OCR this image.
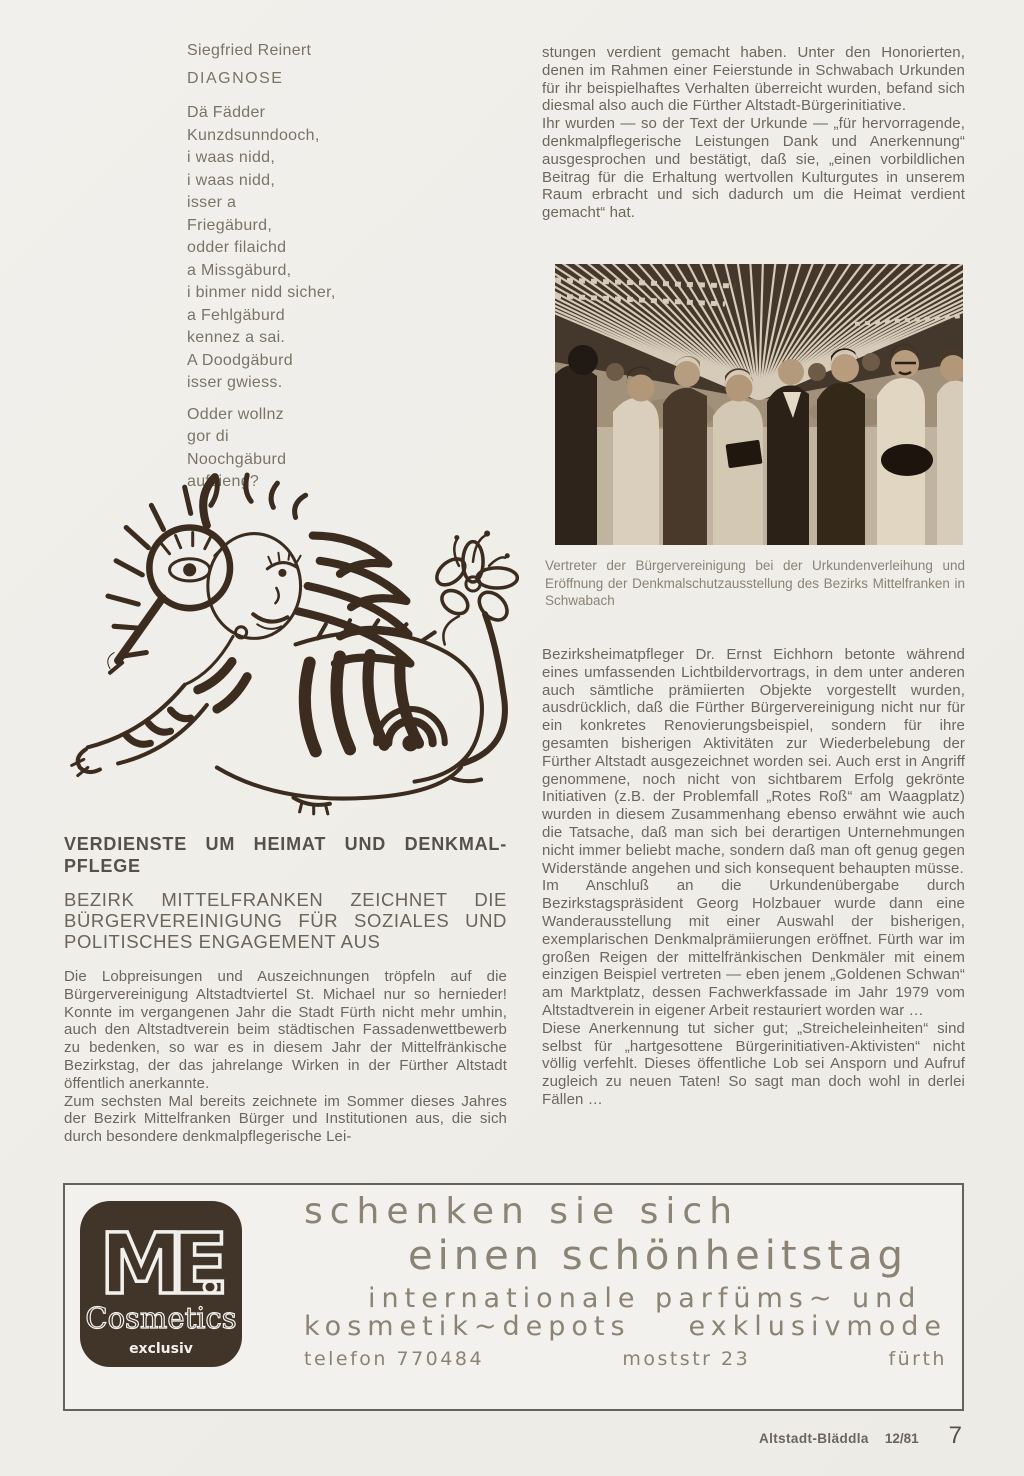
Siegfried Reinert
DIAGNOSE
Dä Fädder
Kunzdsunndooch,
i waas nidd,
i waas nidd,
isser a
Friegäburd,
odder filaichd
a Missgäburd,
i binmer nidd sicher,
a Fehlgäburd
kennez a sai.
A Doodgäburd
isser gwiess.
Odder wollnz
gor di
Noochgäburd
aufzieng?

stungen verdient gemacht haben. Unter den Honorierten, denen im Rahmen einer Feierstunde in Schwabach Urkunden für ihr beispielhaftes Verhalten überreicht wurden, befand sich diesmal also auch die Fürther Altstadt-Bürgerinitiative.

Ihr wurden — so der Text der Urkunde — „für hervorragende, denkmalpflegerische Leistungen Dank und Anerkennung“ ausgesprochen und bestätigt, daß sie, „einen vorbildlichen Beitrag für die Erhaltung wertvollen Kulturgutes in unserem Raum erbracht und sich dadurch um die Heimat verdient gemacht“ hat.

Vertreter der Bürgervereinigung bei der Urkundenverleihung und Eröffnung der Denkmalschutzausstellung des Bezirks Mittelfranken in Schwabach

Bezirksheimatpfleger Dr. Ernst Eichhorn betonte während eines umfassenden Lichtbildervortrags, in dem unter anderen auch sämtliche prämiierten Objekte vorgestellt wurden, ausdrücklich, daß die Fürther Bürgervereinigung nicht nur für ein konkretes Renovierungsbeispiel, sondern für ihre gesamten bisherigen Aktivitäten zur Wiederbelebung der Fürther Altstadt ausgezeichnet worden sei. Auch erst in Angriff genommene, noch nicht von sichtbarem Erfolg gekrönte Initiativen (z.B. der Problemfall „Rotes Roß“ am Waagplatz) wurden in diesem Zusammenhang ebenso erwähnt wie auch die Tatsache, daß man sich bei derartigen Unternehmungen nicht immer beliebt mache, sondern daß man oft genug gegen Widerstände angehen und sich konsequent behaupten müsse.

Im Anschluß an die Urkundenübergabe durch Bezirkstagspräsident Georg Holzbauer wurde dann eine Wanderausstellung mit einer Auswahl der bisherigen, exemplarischen Denkmalprämiierungen eröffnet. Fürth war im großen Reigen der mittelfränkischen Denkmäler mit einem einzigen Beispiel vertreten — eben jenem „Goldenen Schwan“ am Marktplatz, dessen Fachwerkfassade im Jahr 1979 vom Altstadtverein in eigener Arbeit restauriert worden war …

Diese Anerkennung tut sicher gut; „Streicheleinheiten“ sind selbst für „hartgesottene Bürgerinitiativen-Aktivisten“ nicht völlig verfehlt. Dieses öffentliche Lob sei Ansporn und Aufruf zugleich zu neuen Taten! So sagt man doch wohl in derlei Fällen …

VERDIENSTE UM HEIMAT UND DENKMAL-
PFLEGE
BEZIRK MITTELFRANKEN ZEICHNET DIE
BÜRGERVEREINIGUNG FÜR SOZIALES UND
POLITISCHES ENGAGEMENT AUS

Die Lobpreisungen und Auszeichnungen tröpfeln auf die Bürgervereinigung Altstadtviertel St. Michael nur so hernieder! Konnte im vergangenen Jahr die Stadt Fürth nicht mehr umhin, auch den Altstadtverein beim städtischen Fassadenwettbewerb zu bedenken, so war es in diesem Jahr der Mittelfränkische Bezirkstag, der das jahrelange Wirken in der Fürther Altstadt öffentlich anerkannte.

Zum sechsten Mal bereits zeichnete im Sommer dieses Jahres der Bezirk Mittelfranken Bürger und Institutionen aus, die sich durch besondere denkmalpflegerische Lei-

ME
Cosmetics
exclusiv
schenken sie sich
einen schönheitstag
internationale parfüms~ und
kosmetik~depots exklusivmode
telefon 770484	moststr 23	fürth
Altstadt-Bläddla 12/81 7
